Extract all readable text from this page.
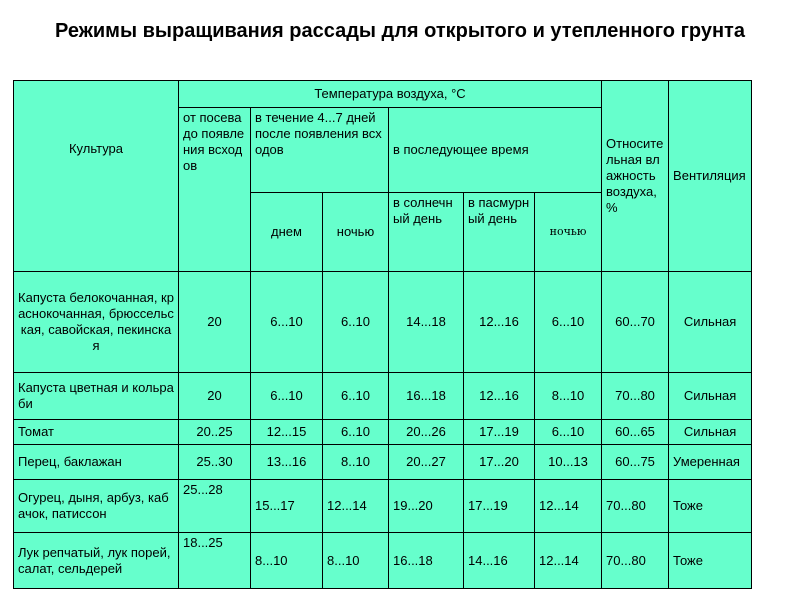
Режимы выращивания рассады для открытого и утепленного грунта
Культура	Температура воздуха, °С						Относительная влажность воздуха, %	Вентиляция
	от посева до появления всходов	в течение 4...7 дней после появления всходов		в последующее время				
		днем	ночью	в солнечный день	в пасмурный день	ночью		
Капуста белокочанная, краснокочанная, брюссельская, савойская, пекинская	20	6...10	6..10	14...18	12...16	6...10	60...70	Сильная
Капуста цветная и кольраби	20	6...10	6..10	16...18	12...16	8...10	70...80	Сильная
Томат	20..25	12...15	6..10	20...26	17...19	6...10	60...65	Сильная
Перец, баклажан	25..30	13...16	8..10	20...27	17...20	10...13	60...75	Умеренная
Огурец, дыня, арбуз, кабачок, патиссон	25...28	15...17	12...14	19...20	17...19	12...14	70...80	Тоже
Лук репчатый, лук порей, салат, сельдерей	18...25	8...10	8...10	16...18	14...16	12...14	70...80	Тоже
